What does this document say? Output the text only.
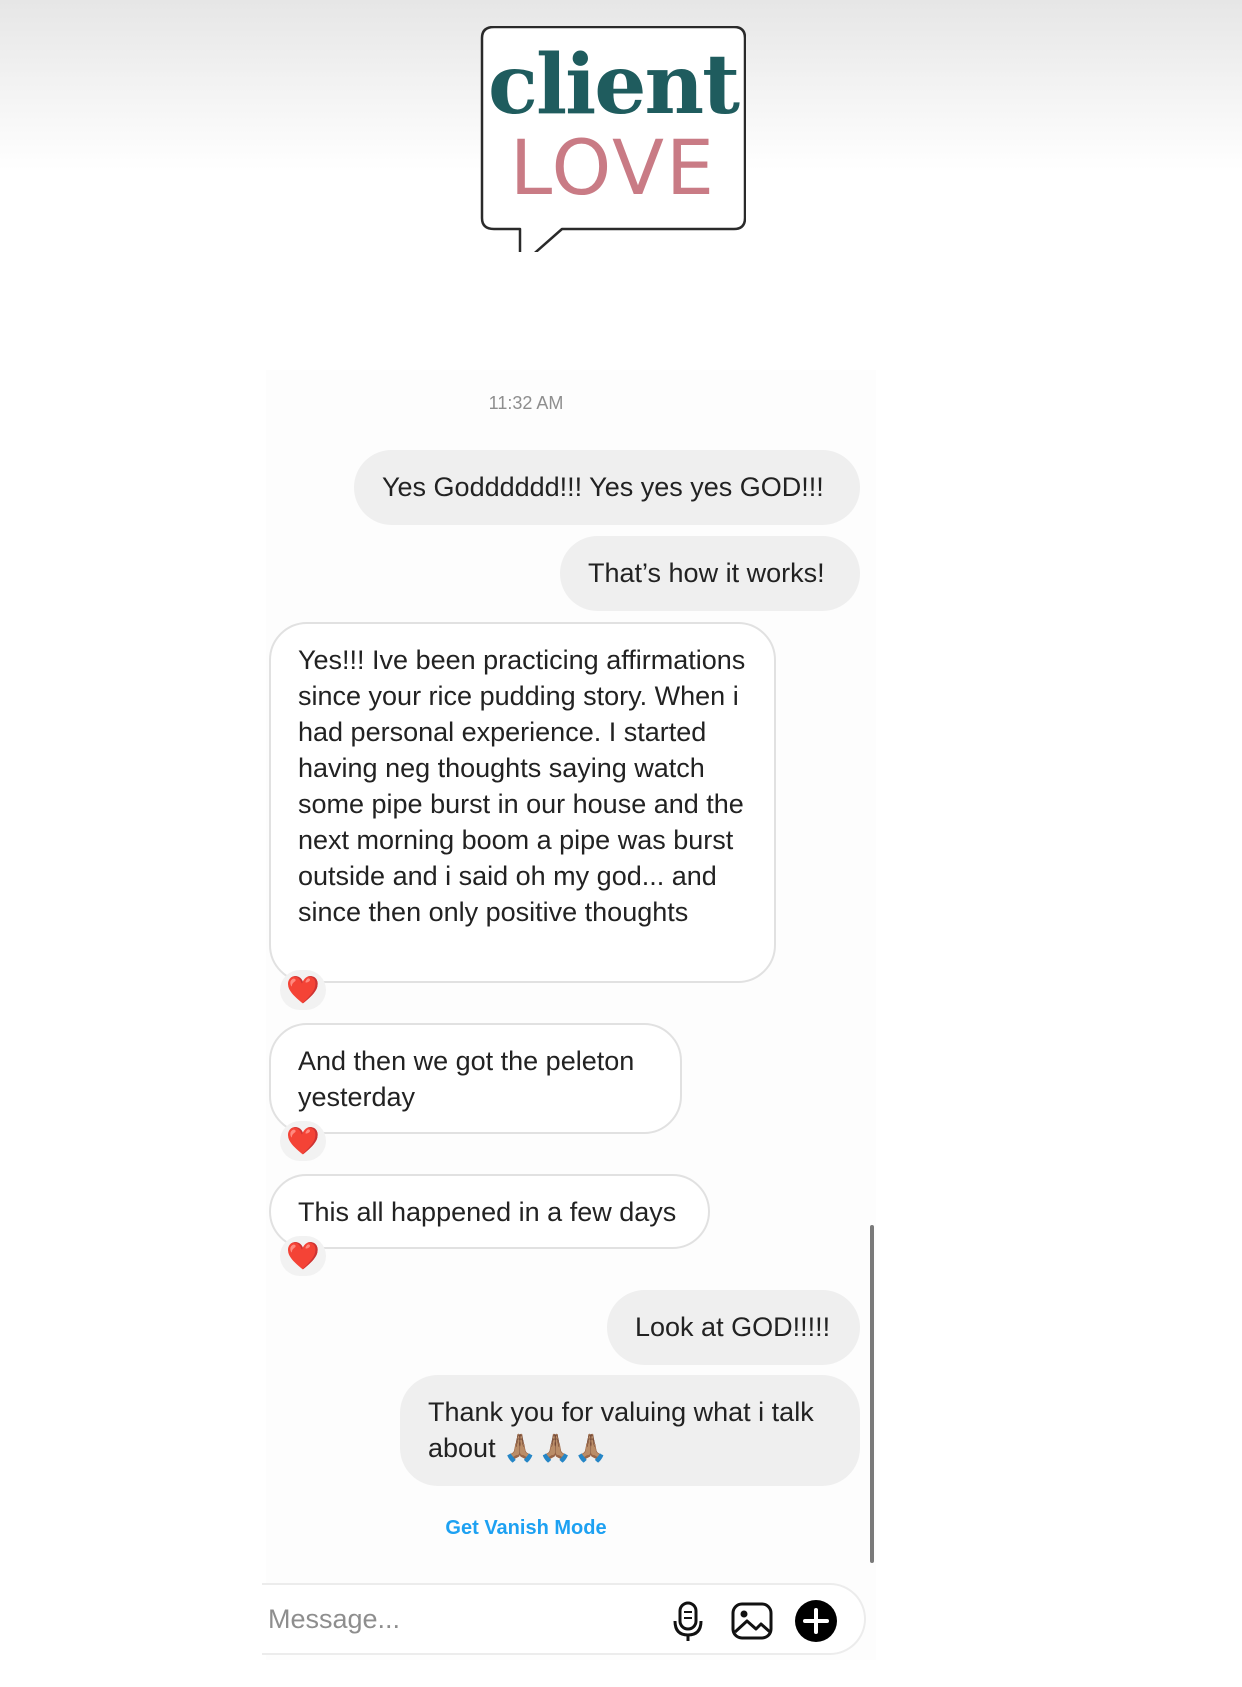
client
LOVE
11:32 AM
Yes Godddddd!!! Yes yes yes GOD!!!
That’s how it works!
Yes!!! Ive been practicing affirmations since your rice pudding story. When i had personal experience. I started having neg thoughts saying watch some pipe burst in our house and the next morning boom a pipe was burst outside and i said oh my god... and since then only positive thoughts
❤️
And then we got the peleton yesterday
❤️
This all happened in a few days
❤️
Look at GOD!!!!!
Thank you for valuing what i talk about 🙏🏽🙏🏽🙏🏽
Get Vanish Mode
Message...
